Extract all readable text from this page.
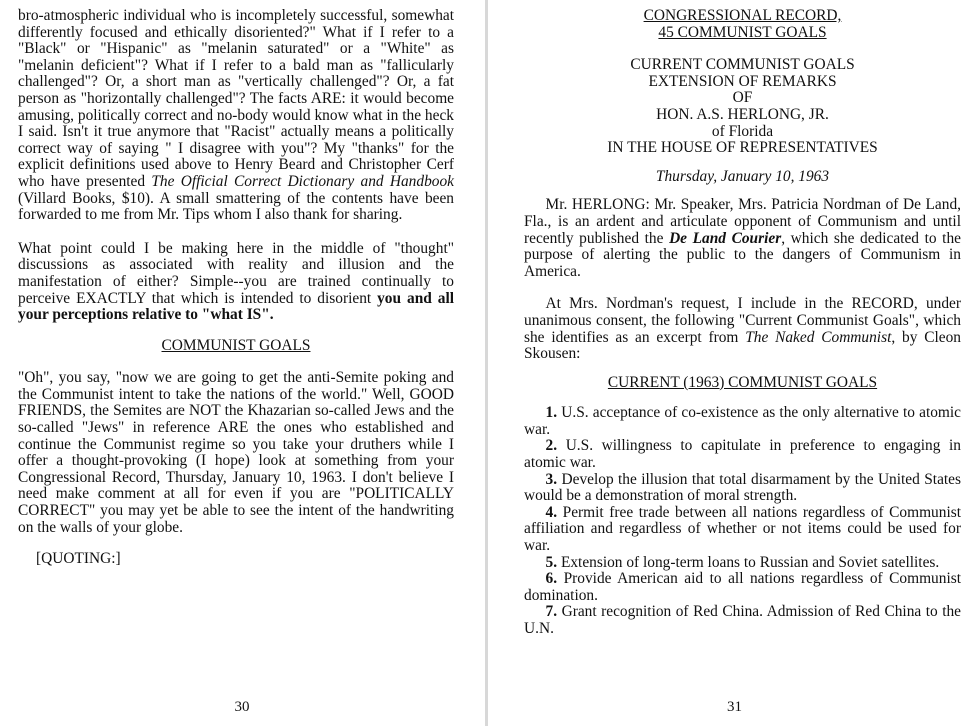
bro-atmospheric individual who is incompletely successful, somewhat differently focused and ethically disoriented?" What if I refer to a "Black" or "Hispanic" as "melanin saturated" or a "White" as "melanin deficient"? What if I refer to a bald man as "fallicularly challenged"? Or, a short man as "vertically challenged"? Or, a fat person as "horizontally challenged"? The facts ARE: it would become amusing, politically correct and no-body would know what in the heck I said. Isn't it true anymore that "Racist" actually means a politically correct way of saying " I disagree with you"? My "thanks" for the explicit definitions used above to Henry Beard and Christopher Cerf who have presented The Official Correct Dictionary and Handbook (Villard Books, $10). A small smattering of the contents have been forwarded to me from Mr. Tips whom I also thank for sharing.

What point could I be making here in the middle of "thought" discussions as associated with reality and illusion and the manifestation of either? Simple--you are trained continually to perceive EXACTLY that which is intended to disorient you and all your perceptions relative to "what IS".

COMMUNIST GOALS

"Oh", you say, "now we are going to get the anti-Semite poking and the Communist intent to take the nations of the world." Well, GOOD FRIENDS, the Semites are NOT the Khazarian so-called Jews and the so-called "Jews" in reference ARE the ones who established and continue the Communist regime so you take your druthers while I offer a thought-provoking (I hope) look at something from your Congressional Record, Thursday, January 10, 1963. I don't believe I need make comment at all for even if you are "POLITICALLY CORRECT" you may yet be able to see the intent of the handwriting on the walls of your globe.

[QUOTING:]

30

CONGRESSIONAL RECORD,

45 COMMUNIST GOALS

CURRENT COMMUNIST GOALS

EXTENSION OF REMARKS

OF

HON. A.S. HERLONG, JR.

of Florida

IN THE HOUSE OF REPRESENTATIVES

Thursday, January 10, 1963

Mr. HERLONG: Mr. Speaker, Mrs. Patricia Nordman of De Land, Fla., is an ardent and articulate opponent of Communism and until recently published the De Land Courier, which she dedicated to the purpose of alerting the public to the dangers of Communism in America.

At Mrs. Nordman's request, I include in the RECORD, under unanimous consent, the following "Current Communist Goals", which she identifies as an excerpt from The Naked Communist, by Cleon Skousen:

CURRENT (1963) COMMUNIST GOALS

1. U.S. acceptance of co-existence as the only alternative to atomic war.

2. U.S. willingness to capitulate in preference to engaging in atomic war.

3. Develop the illusion that total disarmament by the United States would be a demonstration of moral strength.

4. Permit free trade between all nations regardless of Communist affiliation and regardless of whether or not items could be used for war.

5. Extension of long-term loans to Russian and Soviet satellites.

6. Provide American aid to all nations regardless of Communist domination.

7. Grant recognition of Red China. Admission of Red China to the U.N.

31
